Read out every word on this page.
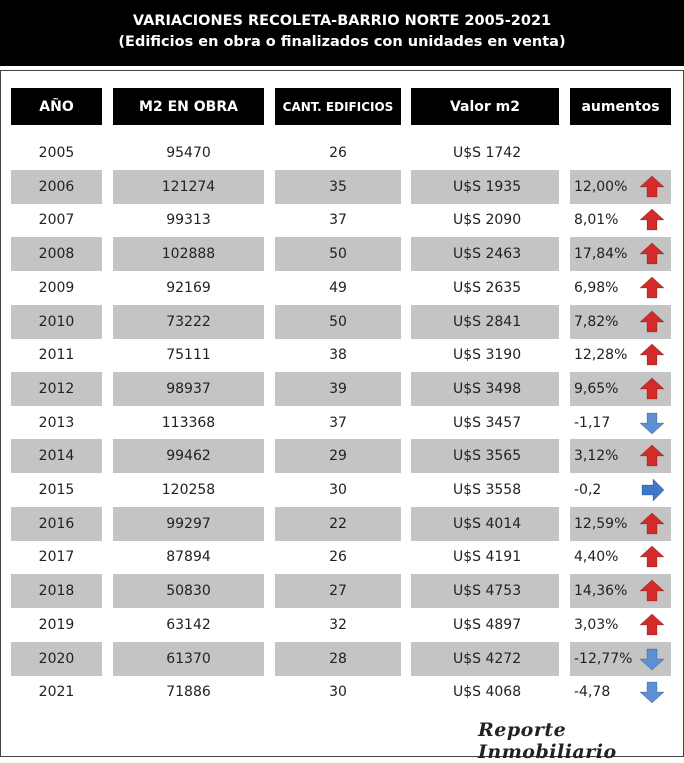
VARIACIONES RECOLETA-BARRIO NORTE 2005-2021
(Edificios en obra o finalizados con unidades en venta)
AÑO	M2 EN OBRA	CANT. EDIFICIOS	Valor m2	aumentos
2005	95470	26	U$S 1742
2006	121274	35	U$S 1935	12,00%
2007	99313	37	U$S 2090	8,01%
2008	102888	50	U$S 2463	17,84%
2009	92169	49	U$S 2635	6,98%
2010	73222	50	U$S 2841	7,82%
2011	75111	38	U$S 3190	12,28%
2012	98937	39	U$S 3498	9,65%
2013	113368	37	U$S 3457	-1,17
2014	99462	29	U$S 3565	3,12%
2015	120258	30	U$S 3558	-0,2
2016	99297	22	U$S 4014	12,59%
2017	87894	26	U$S 4191	4,40%
2018	50830	27	U$S 4753	14,36%
2019	63142	32	U$S 4897	3,03%
2020	61370	28	U$S 4272	-12,77%
2021	71886	30	U$S 4068	-4,78
Reporte Inmobiliario
